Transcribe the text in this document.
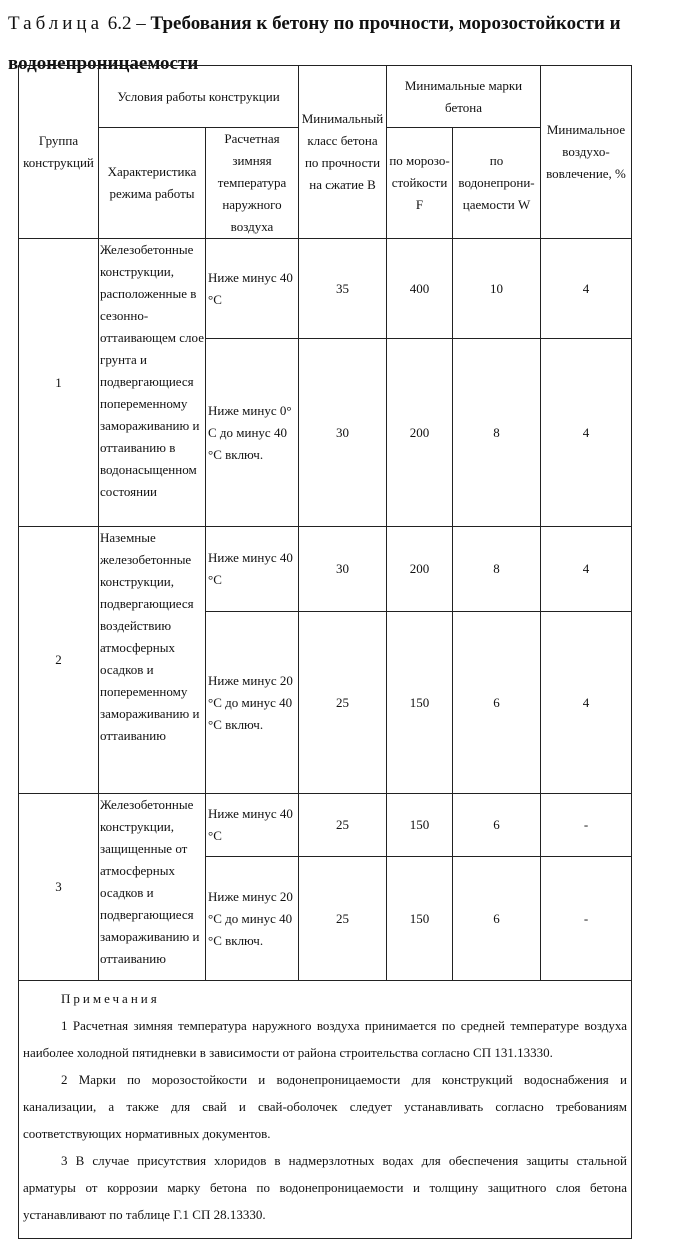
Таблица 6.2 – Требования к бетону по прочности, морозостойкости и водонепроницаемости
Группа конструкций	Условия работы конструкции		Минимальный класс бетона по прочности на сжатие B	Минимальные марки бетона		Минимальное воздухо-вовлечение, %
	Характеристика режима работы	Расчетная зимняя температура наружного воздуха		по морозо-стойкости F	по водонепрони-цаемости W	
1	Железобетонные конструкции, расположенные в сезонно-оттаивающем слое грунта и подвергающиеся попеременному замораживанию и оттаиванию в водонасыщенном состоянии	Ниже минус 40 °С	35	400	10	4
		Ниже минус 0° С до минус 40 °С включ.	30	200	8	4
2	Наземные железобетонные конструкции, подвергающиеся воздействию атмосферных осадков и попеременному замораживанию и оттаиванию	Ниже минус 40 °С	30	200	8	4
		Ниже минус 20 °С до минус 40 °С включ.	25	150	6	4
3	Железобетонные конструкции, защищенные от атмосферных осадков и подвергающиеся замораживанию и оттаиванию	Ниже минус 40 °С	25	150	6	-
		Ниже минус 20 °С до минус 40 °С включ.	25	150	6	-

Примечания

1 Расчетная зимняя температура наружного воздуха принимается по средней температуре воздуха наиболее холодной пятидневки в зависимости от района строительства согласно СП 131.13330.

2 Марки по морозостойкости и водонепроницаемости для конструкций водоснабжения и канализации, а также для свай и свай-оболочек следует устанавливать согласно требованиям соответствующих нормативных документов.

3 В случае присутствия хлоридов в надмерзлотных водах для обеспечения защиты стальной арматуры от коррозии марку бетона по водонепроницаемости и толщину защитного слоя бетона устанавливают по таблице Г.1 СП 28.13330.						
